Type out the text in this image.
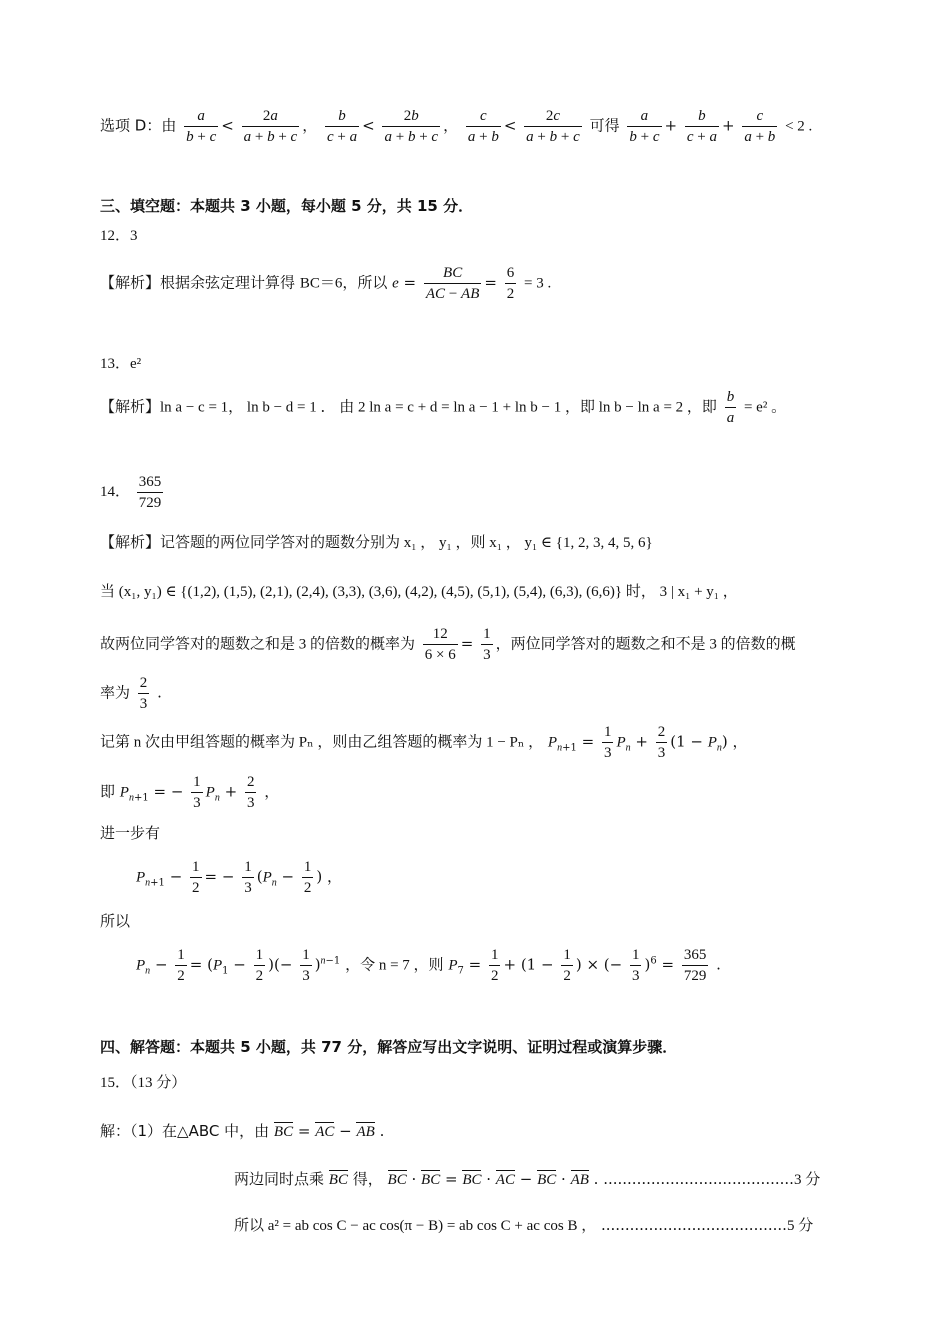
选项 D：由 $\frac{a}{b + c} < \frac{2a}{a + b + c}$ ， $\frac{b}{c + a} < \frac{2b}{a + b + c}$ ， $\frac{c}{a + b} < \frac{2c}{a + b + c}$ 可得 $\frac{a}{b + c} + \frac{b}{c + a} + \frac{c}{a + b} < 2$ .
三、填空题：本题共 3 小题，每小题 5 分，共 15 分．
12．3
【解析】根据余弦定理计算得 BC＝6，所以 $e = \frac{BC}{AC - AB} = \frac{6}{2} = 3$ .
13．e²
【解析】ln a − c = 1， ln b − d = 1 ． 由 2 ln a = c + d = ln a − 1 + ln b − 1 ，即 ln b − ln a = 2 ，即 $\frac{b}{a} = e^2$ 。
14． $\frac{365}{729}$
【解析】记答题的两位同学答对的题数分别为 x₁ ， y₁ ，则 x₁ ， y₁ ∈ {1, 2, 3, 4, 5, 6}
当 (x₁, y₁) ∈ {(1,2), (1,5), (2,1), (2,4), (3,3), (3,6), (4,2), (4,5), (5,1), (5,4), (6,3), (6,6)} 时， 3 | x₁ + y₁ ，
故两位同学答对的题数之和是 3 的倍数的概率为 $\frac{12}{6 \times 6} = \frac{1}{3}$ ，两位同学答对的题数之和不是 3 的倍数的概
率为 $\frac{2}{3}$ .
记第 n 次由甲组答题的概率为 Pₙ ，则由乙组答题的概率为 1 − Pₙ ， $P_{n+1} = \frac{1}{3} P_n + \frac{2}{3} (1 - P_n)$ ，
即 $P_{n+1}$ = − $\frac{1}{3} P_n + \frac{2}{3}$ ，
进一步有
$P_{n+1} - \frac{1}{2}$ = − $\frac{1}{3} (P_n - \frac{1}{2}$ ) ，
所以
$P_n - \frac{1}{2} = (P_1 - \frac{1}{2}$ )(− $\frac{1}{3} )^{n-1}$ ，令 n = 7 ，则 $P_7 = \frac{1}{2} + (1 - \frac{1}{2}$ ) × (− $\frac{1}{3} )^6 = \frac{365}{729}$ .
四、解答题：本题共 5 小题，共 77 分，解答应写出文字说明、证明过程或演算步骤．
15．（13 分）
解：（1）在△ABC 中，由 BC = AC − AB .
两边同时点乘 BC 得， BC · BC = BC · AC − BC · AB . ........................................3 分
所以 a² = ab cos C − ac cos(π − B) = ab cos C + ac cos B ， .......................................5 分
